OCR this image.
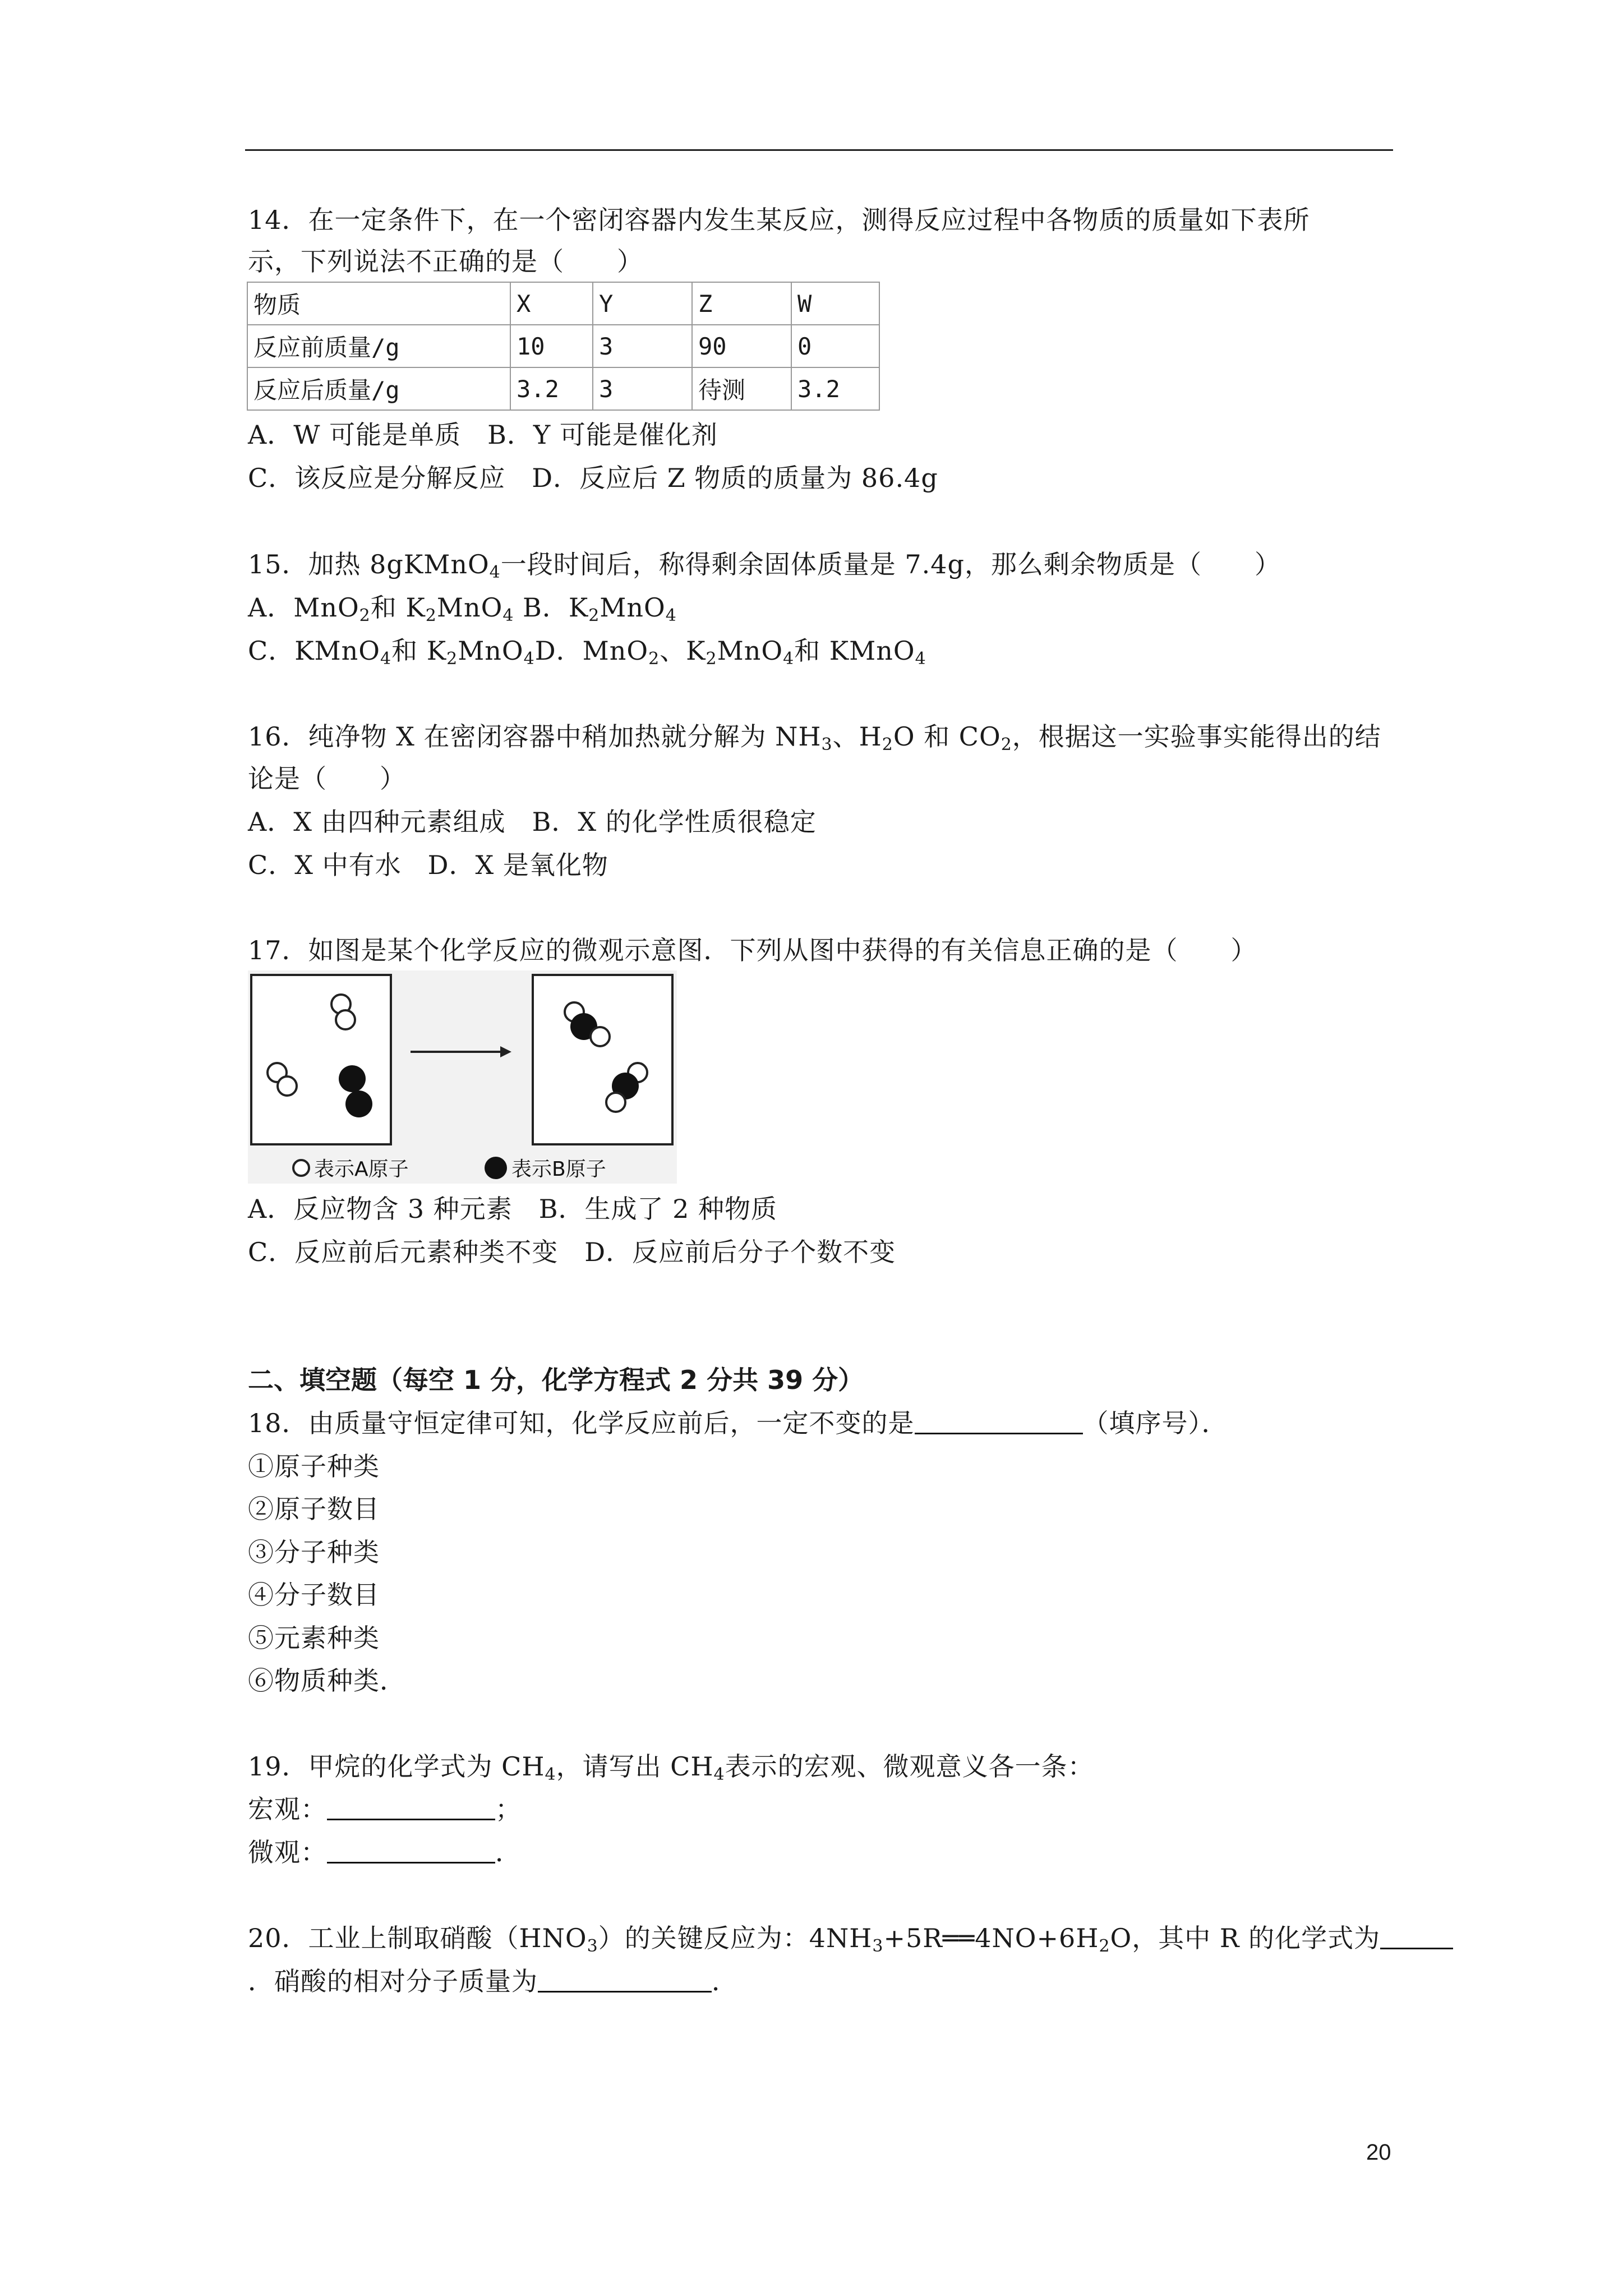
14．在一定条件下，在一个密闭容器内发生某反应，测得反应过程中各物质的质量如下表所
示，下列说法不正确的是（　　）
物质	X	Y	Z	W
反应前质量/g	10	3	90	0
反应后质量/g	3.2	3	待测	3.2
A．W 可能是单质　B．Y 可能是催化剂
C．该反应是分解反应　D．反应后 Z 物质的质量为 86.4g
15．加热 8gKMnO$_4$一段时间后，称得剩余固体质量是 7.4g，那么剩余物质是（　　）
A．MnO$_2$和 $K_2MnO_4$ B．$K_2MnO_4$
C．KMnO$_4$和 $K_2MnO_4D$．MnO$_2$、$K_2MnO_4$和 KMnO$_4$
16．纯净物 X 在密闭容器中稍加热就分解为 $NH_3$、$H_2O$ 和 $CO_2$，根据这一实验事实能得出的结
论是（　　）
A．X 由四种元素组成　B．X 的化学性质很稳定
C．X 中有水　D．X 是氧化物
17．如图是某个化学反应的微观示意图．下列从图中获得的有关信息正确的是（　　）
表示A原子	表示B原子
A．反应物含 3 种元素　B．生成了 2 种物质
C．反应前后元素种类不变　D．反应前后分子个数不变
二、填空题（每空 1 分，化学方程式 2 分共 39 分）
18．由质量守恒定律可知，化学反应前后，一定不变的是	（填序号）．
①原子种类
②原子数目
③分子种类
④分子数目
⑤元素种类
⑥物质种类．
19．甲烷的化学式为 $CH_4$，请写出 $CH_4$表示的宏观、微观意义各一条：
宏观：	；
微观：	．
20．工业上制取硝酸$(HNO_3)$的关键反应为：$4NH_3+5R══4NO+6H_2O$，其中 R 的化学式为
．硝酸的相对分子质量为	．
20
